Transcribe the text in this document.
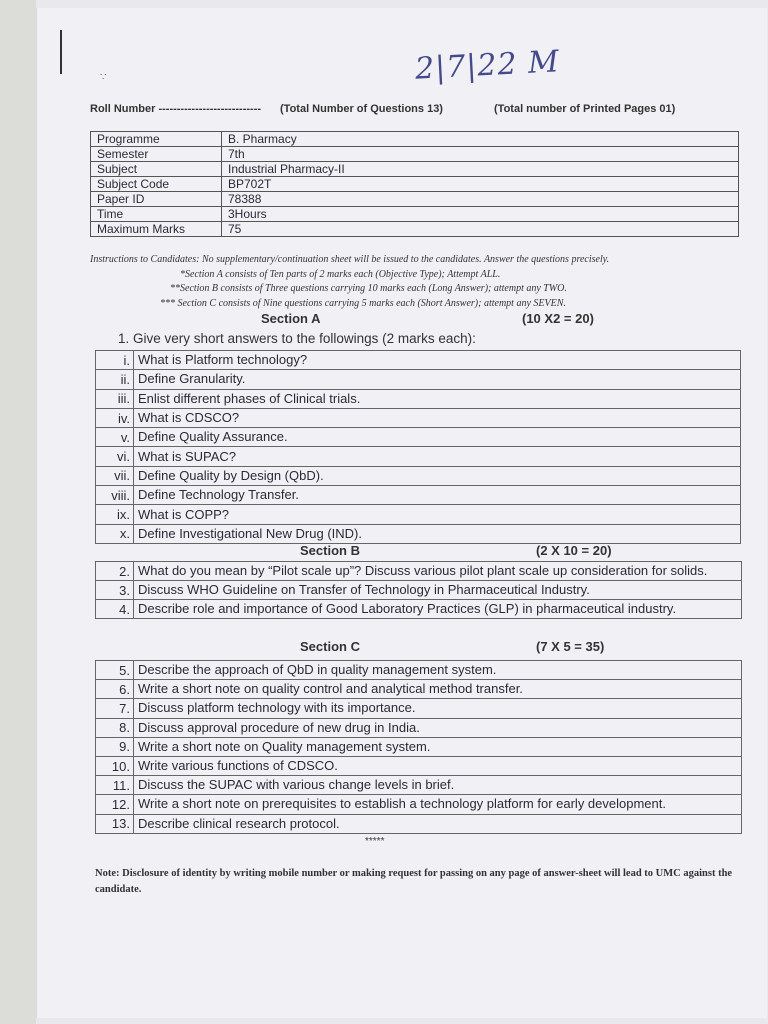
∵	2|7|22 M
Roll Number ---------------------------- (Total Number of Questions 13)	(Total number of Printed Pages 01)
Programme	B. Pharmacy
Semester	7th
Subject	Industrial Pharmacy-II
Subject Code	BP702T
Paper ID	78388
Time	3Hours
Maximum Marks	75
Instructions to Candidates: No supplementary/continuation sheet will be issued to the candidates. Answer the questions precisely.
*Section A consists of Ten parts of 2 marks each (Objective Type); Attempt ALL.
**Section B consists of Three questions carrying 10 marks each (Long Answer); attempt any TWO.
*** Section C consists of Nine questions carrying 5 marks each (Short Answer); attempt any SEVEN.
Section A	(10 X2 = 20)
1. Give very short answers to the followings (2 marks each):
i.	What is Platform technology?
ii.	Define Granularity.
iii.	Enlist different phases of Clinical trials.
iv.	What is CDSCO?
v.	Define Quality Assurance.
vi.	What is SUPAC?
vii.	Define Quality by Design (QbD).
viii.	Define Technology Transfer.
ix.	What is COPP?
x.	Define Investigational New Drug (IND).
Section B	(2 X 10 = 20)
2.	What do you mean by “Pilot scale up”? Discuss various pilot plant scale up consideration for solids.
3.	Discuss WHO Guideline on Transfer of Technology in Pharmaceutical Industry.
4.	Describe role and importance of Good Laboratory Practices (GLP) in pharmaceutical industry.
Section C	(7 X 5 = 35)
5.	Describe the approach of QbD in quality management system.
6.	Write a short note on quality control and analytical method transfer.
7.	Discuss platform technology with its importance.
8.	Discuss approval procedure of new drug in India.
9.	Write a short note on Quality management system.
10.	Write various functions of CDSCO.
11.	Discuss the SUPAC with various change levels in brief.
12.	Write a short note on prerequisites to establish a technology platform for early development.
13.	Describe clinical research protocol.
*****
Note: Disclosure of identity by writing mobile number or making request for passing on any page of answer-sheet will lead to UMC against the candidate.
